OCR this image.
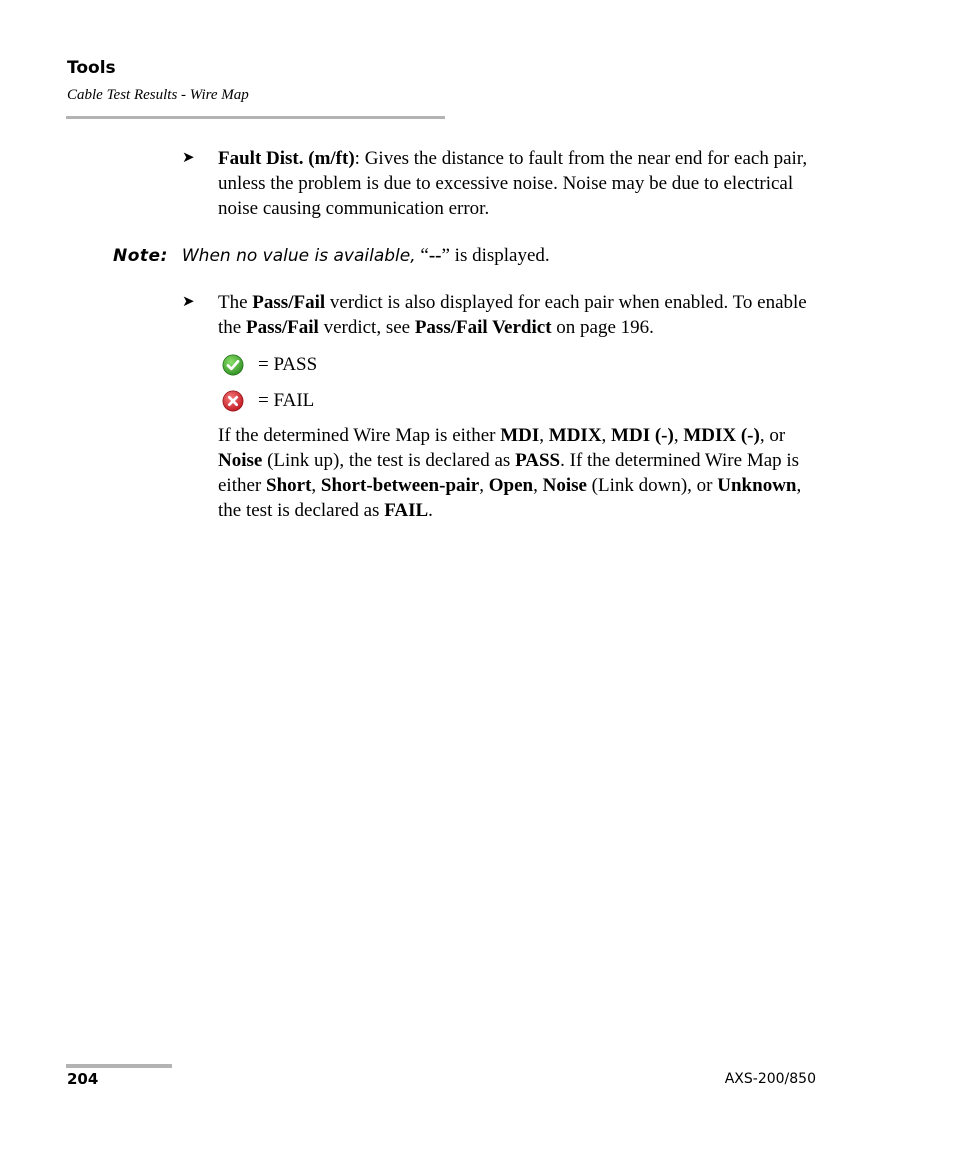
Tools
Cable Test Results - Wire Map
➤ Fault Dist. (m/ft): Gives the distance to fault from the near end for each pair, unless the problem is due to excessive noise. Noise may be due to electrical noise causing communication error.
Note: When no value is available, “--” is displayed.
➤ The Pass/Fail verdict is also displayed for each pair when enabled. To enable the Pass/Fail verdict, see Pass/Fail Verdict on page 196.
= PASS
= FAIL
If the determined Wire Map is either MDI, MDIX, MDI (-), MDIX (-), or Noise (Link up), the test is declared as PASS. If the determined Wire Map is either Short, Short-between-pair, Open, Noise (Link down), or Unknown, the test is declared as FAIL.
204	AXS-200/850
